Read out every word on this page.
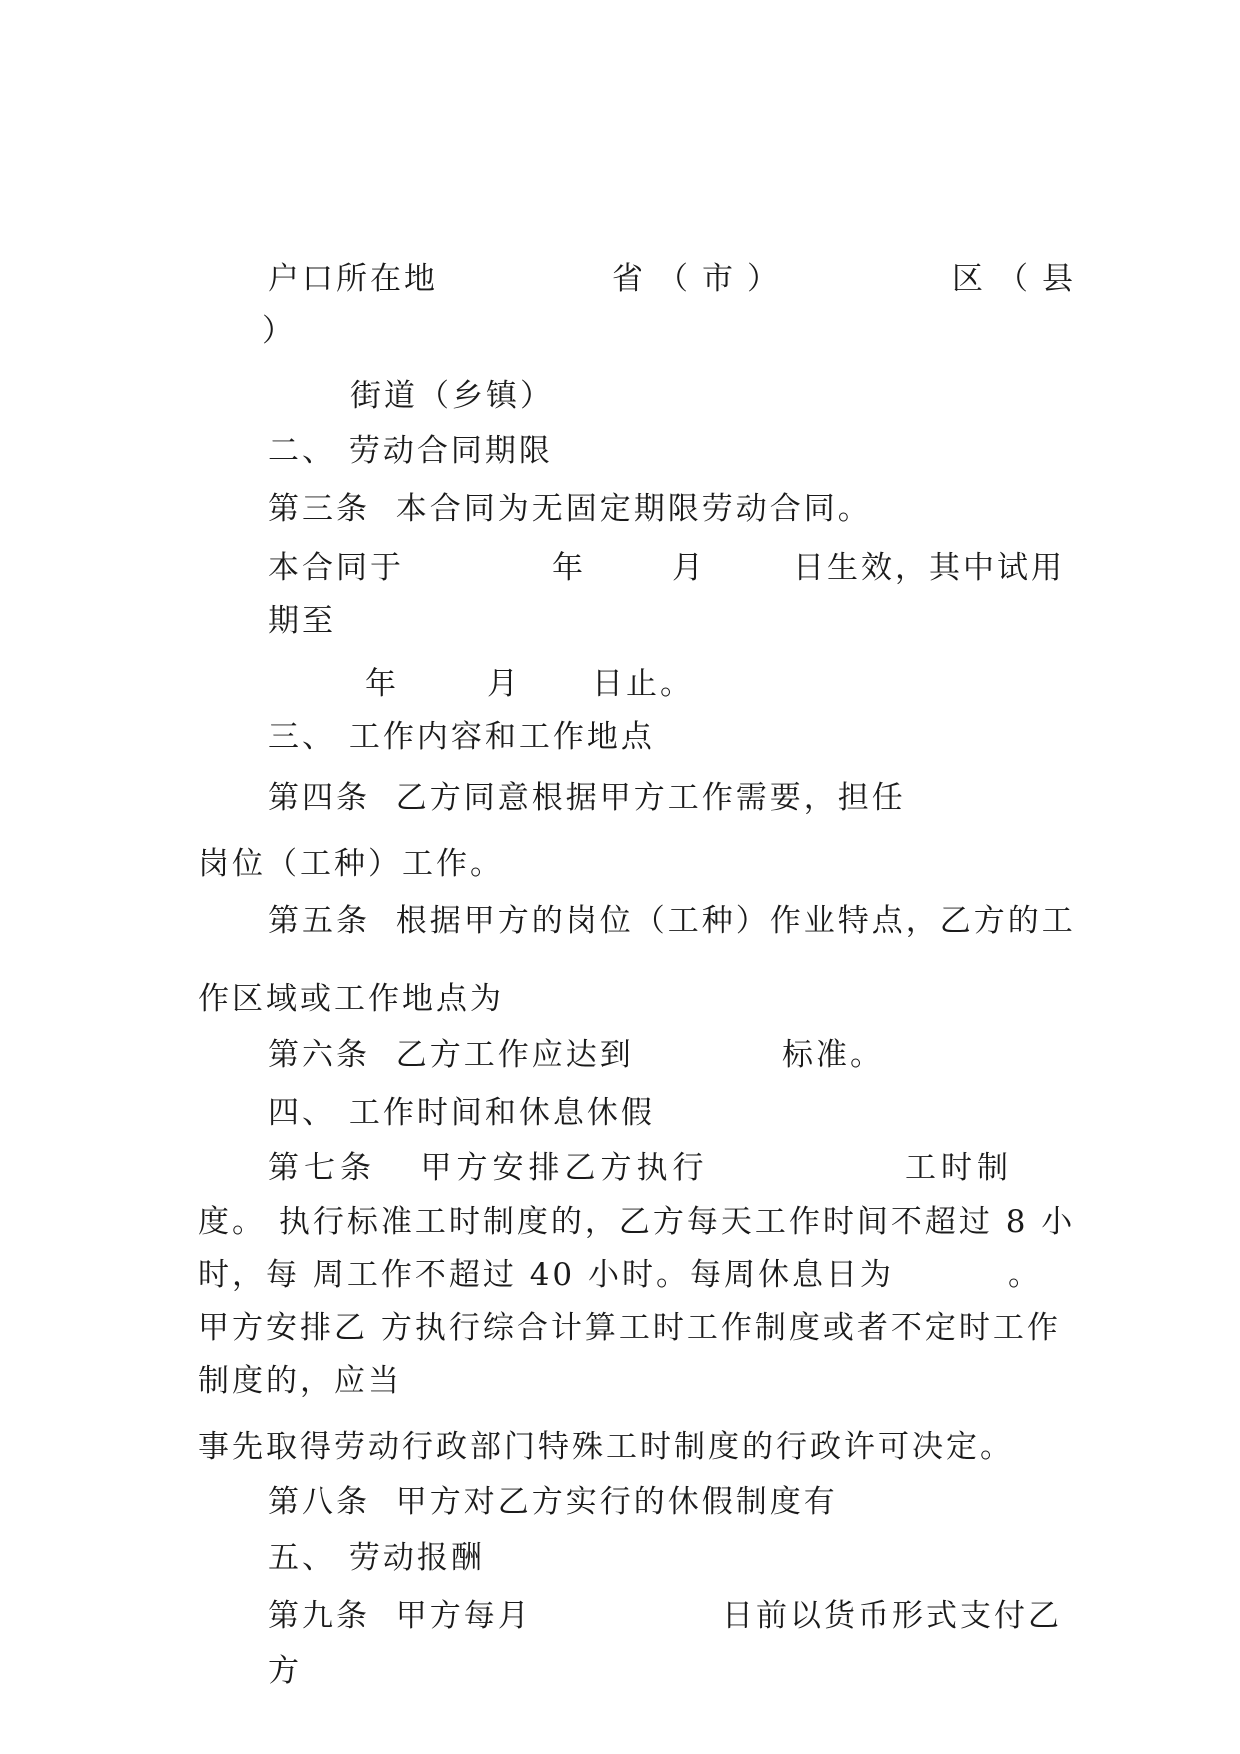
户口所在地	省（市）	区（县
）
街道（乡镇）
二、 劳动合同期限
第三条  本合同为无固定期限劳动合同。
本合同于	年	月	日生效，其中试用
期至
年	月 日止。
三、 工作内容和工作地点
第四条  乙方同意根据甲方工作需要，担任
岗位（工种）工作。
第五条  根据甲方的岗位（工种）作业特点，乙方的工
作区域或工作地点为
第六条  乙方工作应达到	标准。
四、 工作时间和休息休假
第七条   甲方安排乙方执行	工时制
度。 执行标准工时制度的，乙方每天工作时间不超过 8 小
时，每 周工作不超过 40 小时。每周休息日为	。
甲方安排乙 方执行综合计算工时工作制度或者不定时工作
制度的，应当
事先取得劳动行政部门特殊工时制度的行政许可决定。
第八条  甲方对乙方实行的休假制度有
五、 劳动报酬
第九条  甲方每月	日前以货币形式支付乙
方
